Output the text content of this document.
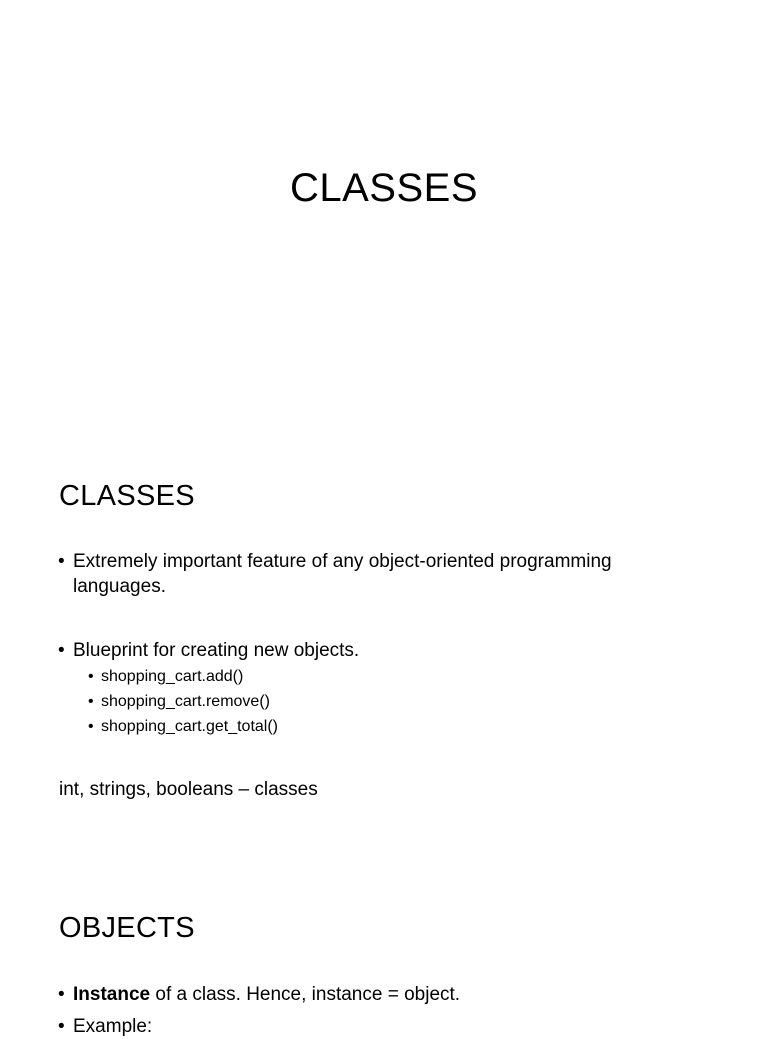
CLASSES
CLASSES
• Extremely important feature of any object-oriented programming languages.
• Blueprint for creating new objects.
• shopping_cart.add()
• shopping_cart.remove()
• shopping_cart.get_total()
int, strings, booleans – classes
OBJECTS
• Instance of a class. Hence, instance = object.
• Example:
